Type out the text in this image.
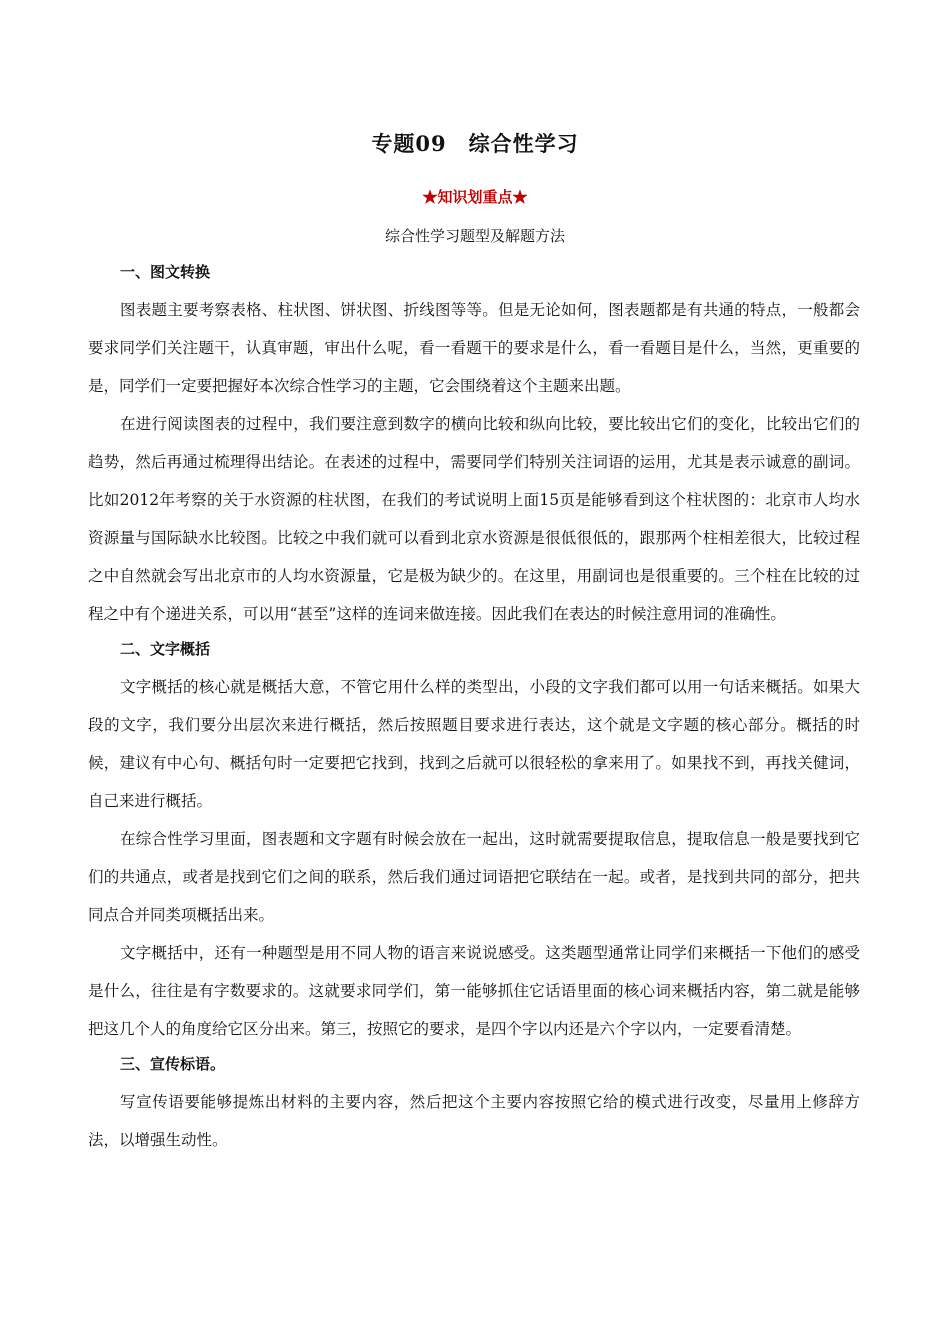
专题09　综合性学习
★知识划重点★
综合性学习题型及解题方法
一、图文转换

图表题主要考察表格、柱状图、饼状图、折线图等等。但是无论如何，图表题都是有共通的特点，一般都会要求同学们关注题干，认真审题，审出什么呢，看一看题干的要求是什么，看一看题目是什么，当然，更重要的是，同学们一定要把握好本次综合性学习的主题，它会围绕着这个主题来出题。

在进行阅读图表的过程中，我们要注意到数字的横向比较和纵向比较，要比较出它们的变化，比较出它们的趋势，然后再通过梳理得出结论。在表述的过程中，需要同学们特别关注词语的运用，尤其是表示诚意的副词。比如2012年考察的关于水资源的柱状图，在我们的考试说明上面15页是能够看到这个柱状图的：北京市人均水资源量与国际缺水比较图。比较之中我们就可以看到北京水资源是很低很低的，跟那两个柱相差很大，比较过程之中自然就会写出北京市的人均水资源量，它是极为缺少的。在这里，用副词也是很重要的。三个柱在比较的过程之中有个递进关系，可以用“甚至”这样的连词来做连接。因此我们在表达的时候注意用词的准确性。

二、文字概括

文字概括的核心就是概括大意，不管它用什么样的类型出，小段的文字我们都可以用一句话来概括。如果大段的文字，我们要分出层次来进行概括，然后按照题目要求进行表达，这个就是文字题的核心部分。概括的时候，建议有中心句、概括句时一定要把它找到，找到之后就可以很轻松的拿来用了。如果找不到，再找关健词，自己来进行概括。

在综合性学习里面，图表题和文字题有时候会放在一起出，这时就需要提取信息，提取信息一般是要找到它们的共通点，或者是找到它们之间的联系，然后我们通过词语把它联结在一起。或者，是找到共同的部分，把共同点合并同类项概括出来。

文字概括中，还有一种题型是用不同人物的语言来说说感受。这类题型通常让同学们来概括一下他们的感受是什么，往往是有字数要求的。这就要求同学们，第一能够抓住它话语里面的核心词来概括内容，第二就是能够把这几个人的角度给它区分出来。第三，按照它的要求，是四个字以内还是六个字以内，一定要看清楚。

三、宣传标语。

写宣传语要能够提炼出材料的主要内容，然后把这个主要内容按照它给的模式进行改变，尽量用上修辞方法，以增强生动性。
